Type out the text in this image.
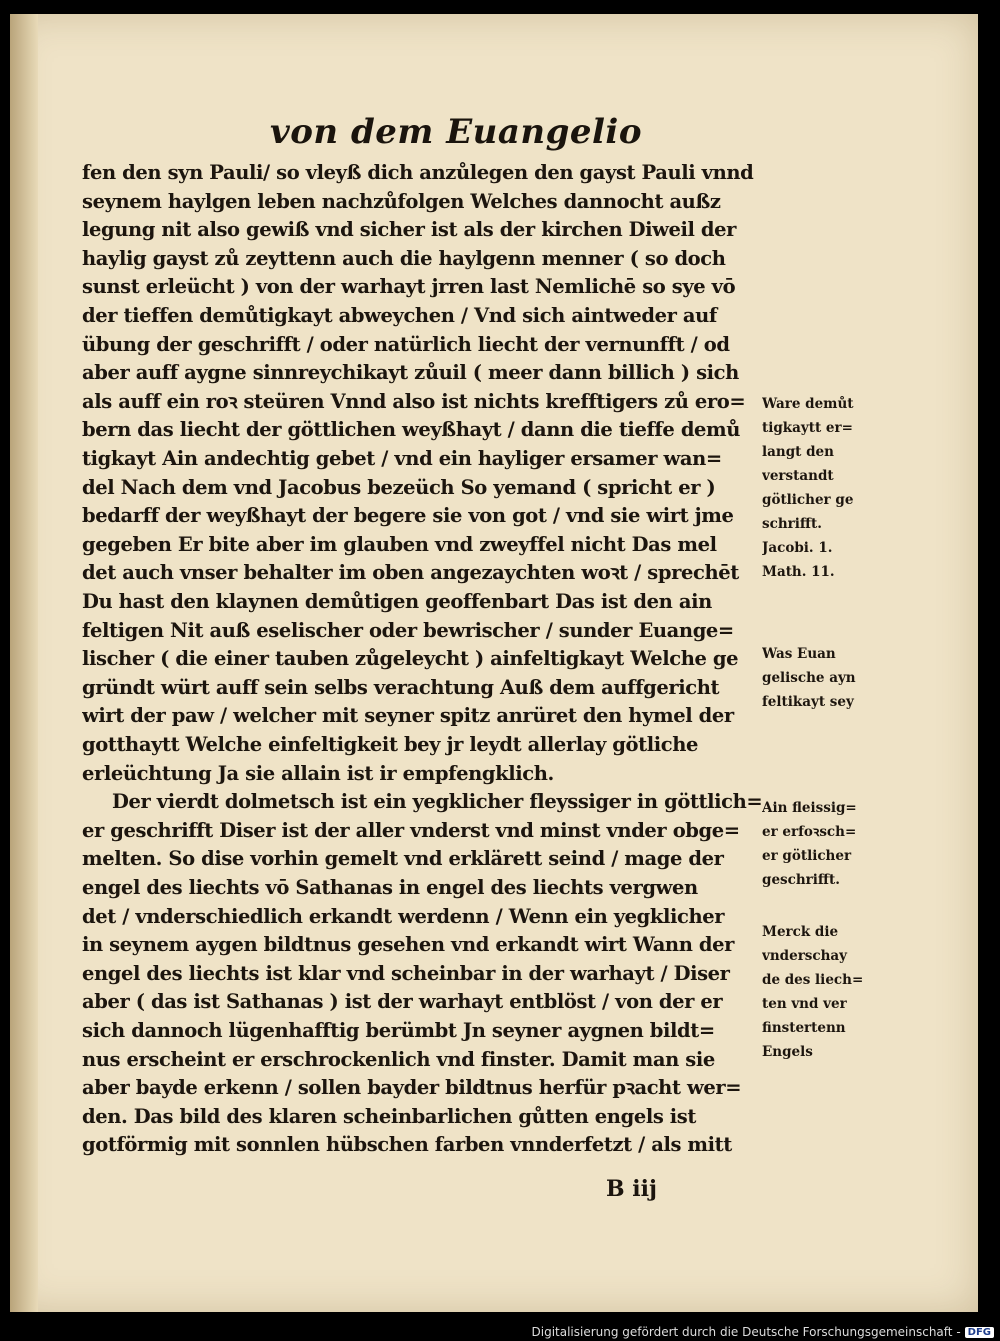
von dem Euangelio
fen den syn Pauli/ so vleyß dich anzůlegen den gayst Pauli vnnd
seynem haylgen leben nachzůfolgen Welches dannocht außz
legung nit also gewiß vnd sicher ist als der kirchen Diweil der
haylig gayst zů zeyttenn auch die haylgenn menner ( so doch
sunst erleücht ) von der warhayt jrren last Nemlichē so sye vō
der tieffen demůtigkayt abweychen / Vnd sich aintweder auf
übung der geschrifft / oder natürlich liecht der vernunfft / od
aber auff aygne sinnreychikayt zůuil ( meer dann billich ) sich
als auff ein roꝛ steüren Vnnd also ist nichts krefftigers zů ero=
bern das liecht der göttlichen weyßhayt / dann die tieffe demů
tigkayt Ain andechtig gebet / vnd ein hayliger ersamer wan=
del Nach dem vnd Jacobus bezeüch So yemand ( spricht er )
bedarff der weyßhayt der begere sie von got / vnd sie wirt jme
gegeben Er bite aber im glauben vnd zweyffel nicht Das mel
det auch vnser behalter im oben angezaychten woꝛt / sprechēt
Du hast den klaynen demůtigen geoffenbart Das ist den ain
feltigen Nit auß eselischer oder bewrischer / sunder Euange=
lischer ( die einer tauben zůgeleycht ) ainfeltigkayt Welche ge
gründt würt auff sein selbs verachtung Auß dem auffgericht
wirt der paw / welcher mit seyner spitz anrüret den hymel der
gotthaytt Welche einfeltigkeit bey jr leydt allerlay götliche
erleüchtung Ja sie allain ist ir empfengklich.
Der vierdt dolmetsch ist ein yegklicher fleyssiger in göttlich=
er geschrifft Diser ist der aller vnderst vnd minst vnder obge=
melten. So dise vorhin gemelt vnd erklärett seind / mage der
engel des liechts vō Sathanas in engel des liechts vergwen
det / vnderschiedlich erkandt werdenn / Wenn ein yegklicher
in seynem aygen bildtnus gesehen vnd erkandt wirt Wann der
engel des liechts ist klar vnd scheinbar in der warhayt / Diser
aber ( das ist Sathanas ) ist der warhayt entblöst / von der er
sich dannoch lügenhafftig berümbt Jn seyner aygnen bildt=
nus erscheint er erschrockenlich vnd finster. Damit man sie
aber bayde erkenn / sollen bayder bildtnus herfür pꝛacht wer=
den. Das bild des klaren scheinbarlichen gůtten engels ist
gotförmig mit sonnlen hübschen farben vnnderfetzt / als mitt
Ware demůt
tigkaytt er=
langt den
verstandt
götlicher ge
schrifft.
Jacobi. 1.
Math. 11.
Was Euan
gelische ayn
feltikayt sey
Ain fleissig=
er erfoꝛsch=
er götlicher
geschrifft.
Merck die
vnderschay
de des liech=
ten vnd ver
finstertenn
Engels
B iij
Digitalisierung gefördert durch die Deutsche Forschungsgemeinschaft - DFG
